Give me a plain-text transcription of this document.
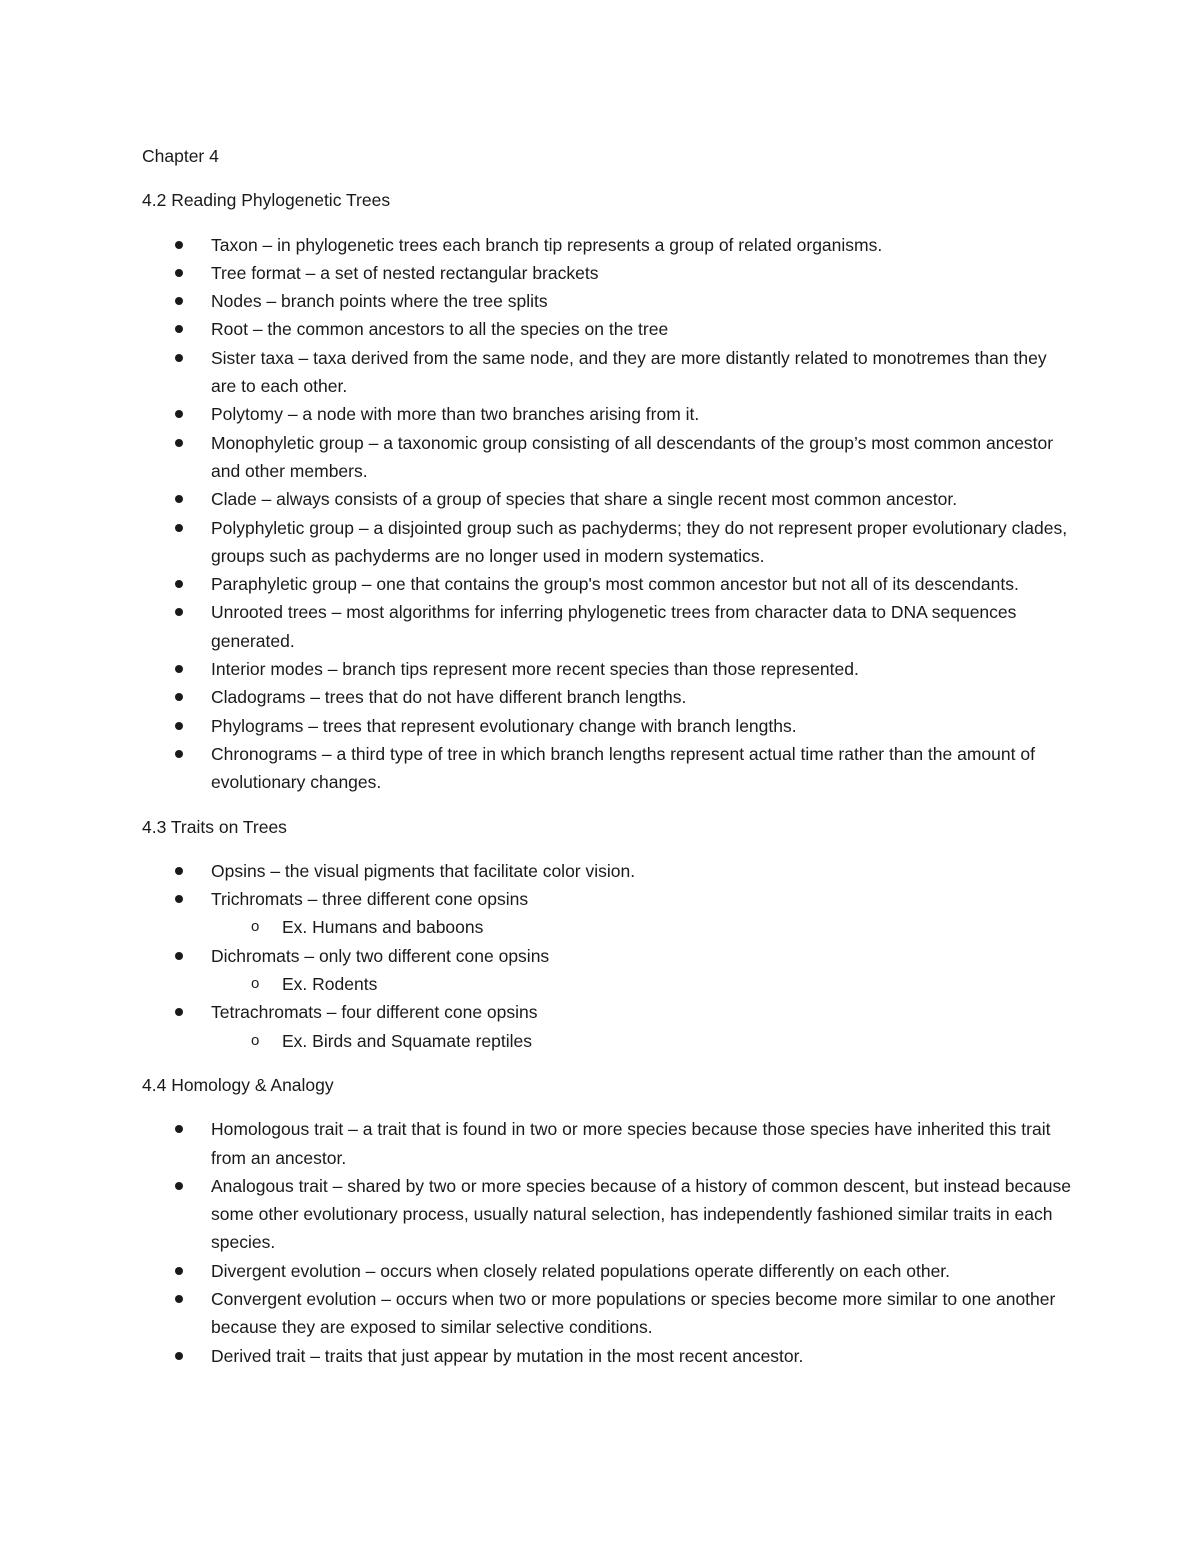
Chapter 4

4.2 Reading Phylogenetic Trees

Taxon – in phylogenetic trees each branch tip represents a group of related organisms.
Tree format – a set of nested rectangular brackets
Nodes – branch points where the tree splits
Root – the common ancestors to all the species on the tree
Sister taxa – taxa derived from the same node, and they are more distantly related to monotremes than they are to each other.
Polytomy – a node with more than two branches arising from it.
Monophyletic group – a taxonomic group consisting of all descendants of the group’s most common ancestor and other members.
Clade – always consists of a group of species that share a single recent most common ancestor.
Polyphyletic group – a disjointed group such as pachyderms; they do not represent proper evolutionary clades, groups such as pachyderms are no longer used in modern systematics.
Paraphyletic group – one that contains the group's most common ancestor but not all of its descendants.
Unrooted trees – most algorithms for inferring phylogenetic trees from character data to DNA sequences generated.
Interior modes – branch tips represent more recent species than those represented.
Cladograms – trees that do not have different branch lengths.
Phylograms – trees that represent evolutionary change with branch lengths.
Chronograms – a third type of tree in which branch lengths represent actual time rather than the amount of evolutionary changes.

4.3 Traits on Trees

Opsins – the visual pigments that facilitate color vision.
Trichromats – three different cone opsins
o Ex. Humans and baboons
Dichromats – only two different cone opsins
o Ex. Rodents
Tetrachromats – four different cone opsins
o Ex. Birds and Squamate reptiles

4.4 Homology & Analogy

Homologous trait – a trait that is found in two or more species because those species have inherited this trait from an ancestor.
Analogous trait – shared by two or more species because of a history of common descent, but instead because some other evolutionary process, usually natural selection, has independently fashioned similar traits in each species.
Divergent evolution – occurs when closely related populations operate differently on each other.
Convergent evolution – occurs when two or more populations or species become more similar to one another because they are exposed to similar selective conditions.
Derived trait – traits that just appear by mutation in the most recent ancestor.
